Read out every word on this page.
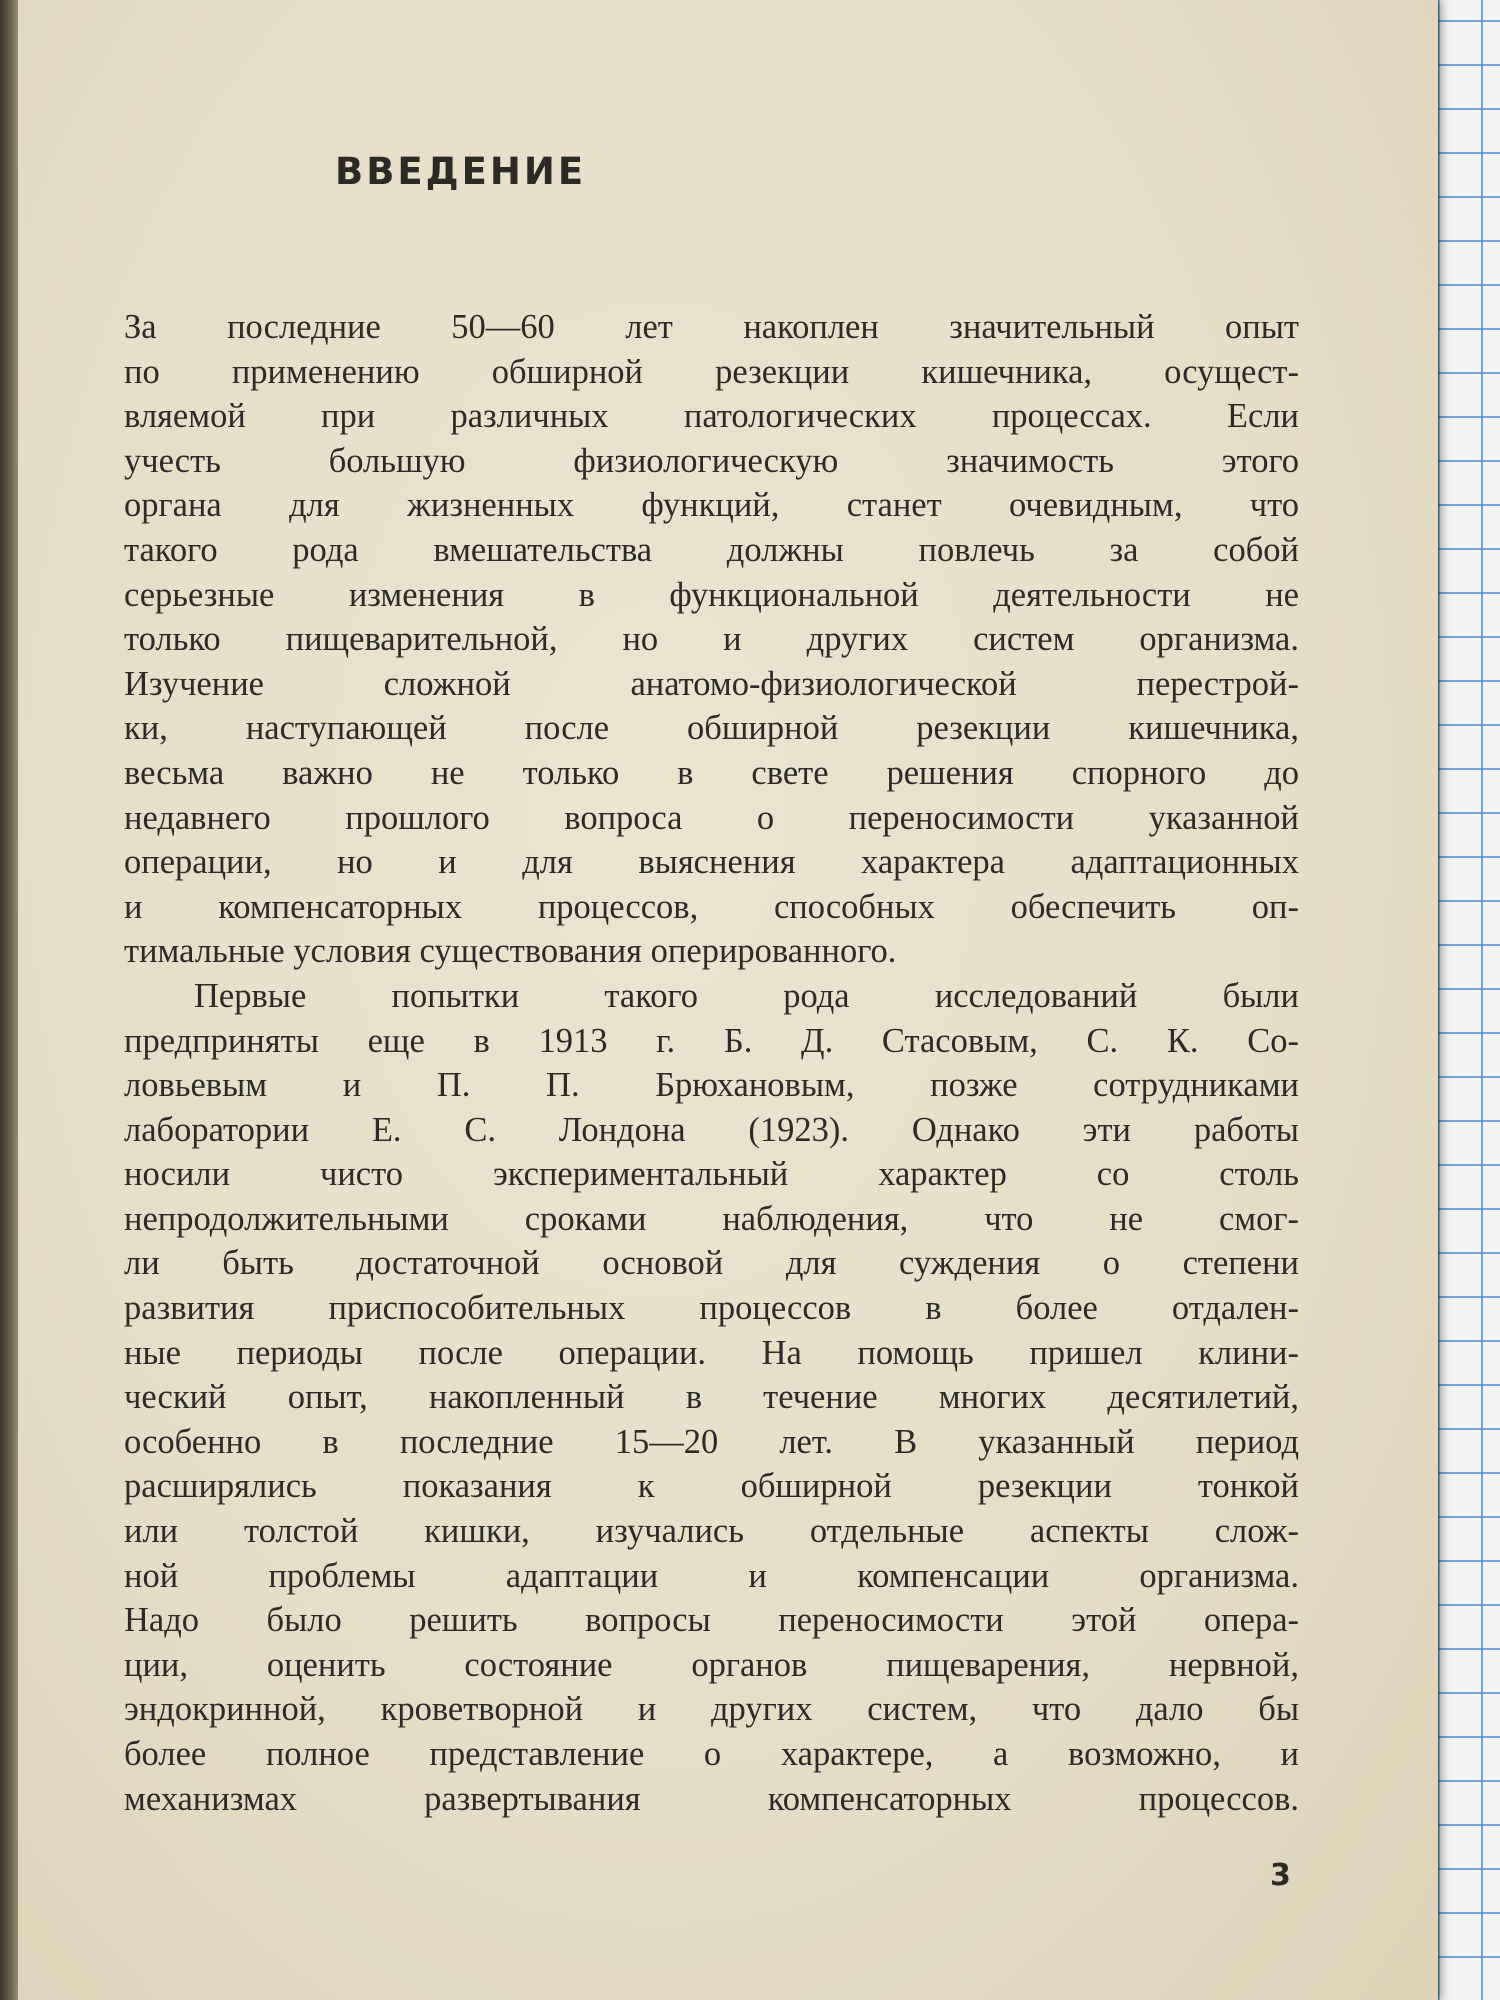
ВВЕДЕНИЕ

За последние 50—60 лет накоплен значительный опыт

по применению обширной резекции кишечника, осущест-

вляемой при различных патологических процессах. Если

учесть большую физиологическую значимость этого

органа для жизненных функций, станет очевидным, что

такого рода вмешательства должны повлечь за собой

серьезные изменения в функциональной деятельности не

только пищеварительной, но и других систем организма.

Изучение сложной анатомо-физиологической перестрой-

ки, наступающей после обширной резекции кишечника,

весьма важно не только в свете решения спорного до

недавнего прошлого вопроса о переносимости указанной

операции, но и для выяснения характера адаптационных

и компенсаторных процессов, способных обеспечить оп-

тимальные условия существования оперированного.

Первые попытки такого рода исследований были

предприняты еще в 1913 г. Б. Д. Стасовым, С. К. Со-

ловьевым и П. П. Брюхановым, позже сотрудниками

лаборатории Е. С. Лондона (1923). Однако эти работы

носили чисто экспериментальный характер со столь

непродолжительными сроками наблюдения, что не смог-

ли быть достаточной основой для суждения о степени

развития приспособительных процессов в более отдален-

ные периоды после операции. На помощь пришел клини-

ческий опыт, накопленный в течение многих десятилетий,

особенно в последние 15—20 лет. В указанный период

расширялись показания к обширной резекции тонкой

или толстой кишки, изучались отдельные аспекты слож-

ной проблемы адаптации и компенсации организма.

Надо было решить вопросы переносимости этой опера-

ции, оценить состояние органов пищеварения, нервной,

эндокринной, кроветворной и других систем, что дало бы

более полное представление о характере, а возможно, и

механизмах развертывания компенсаторных процессов.

3
